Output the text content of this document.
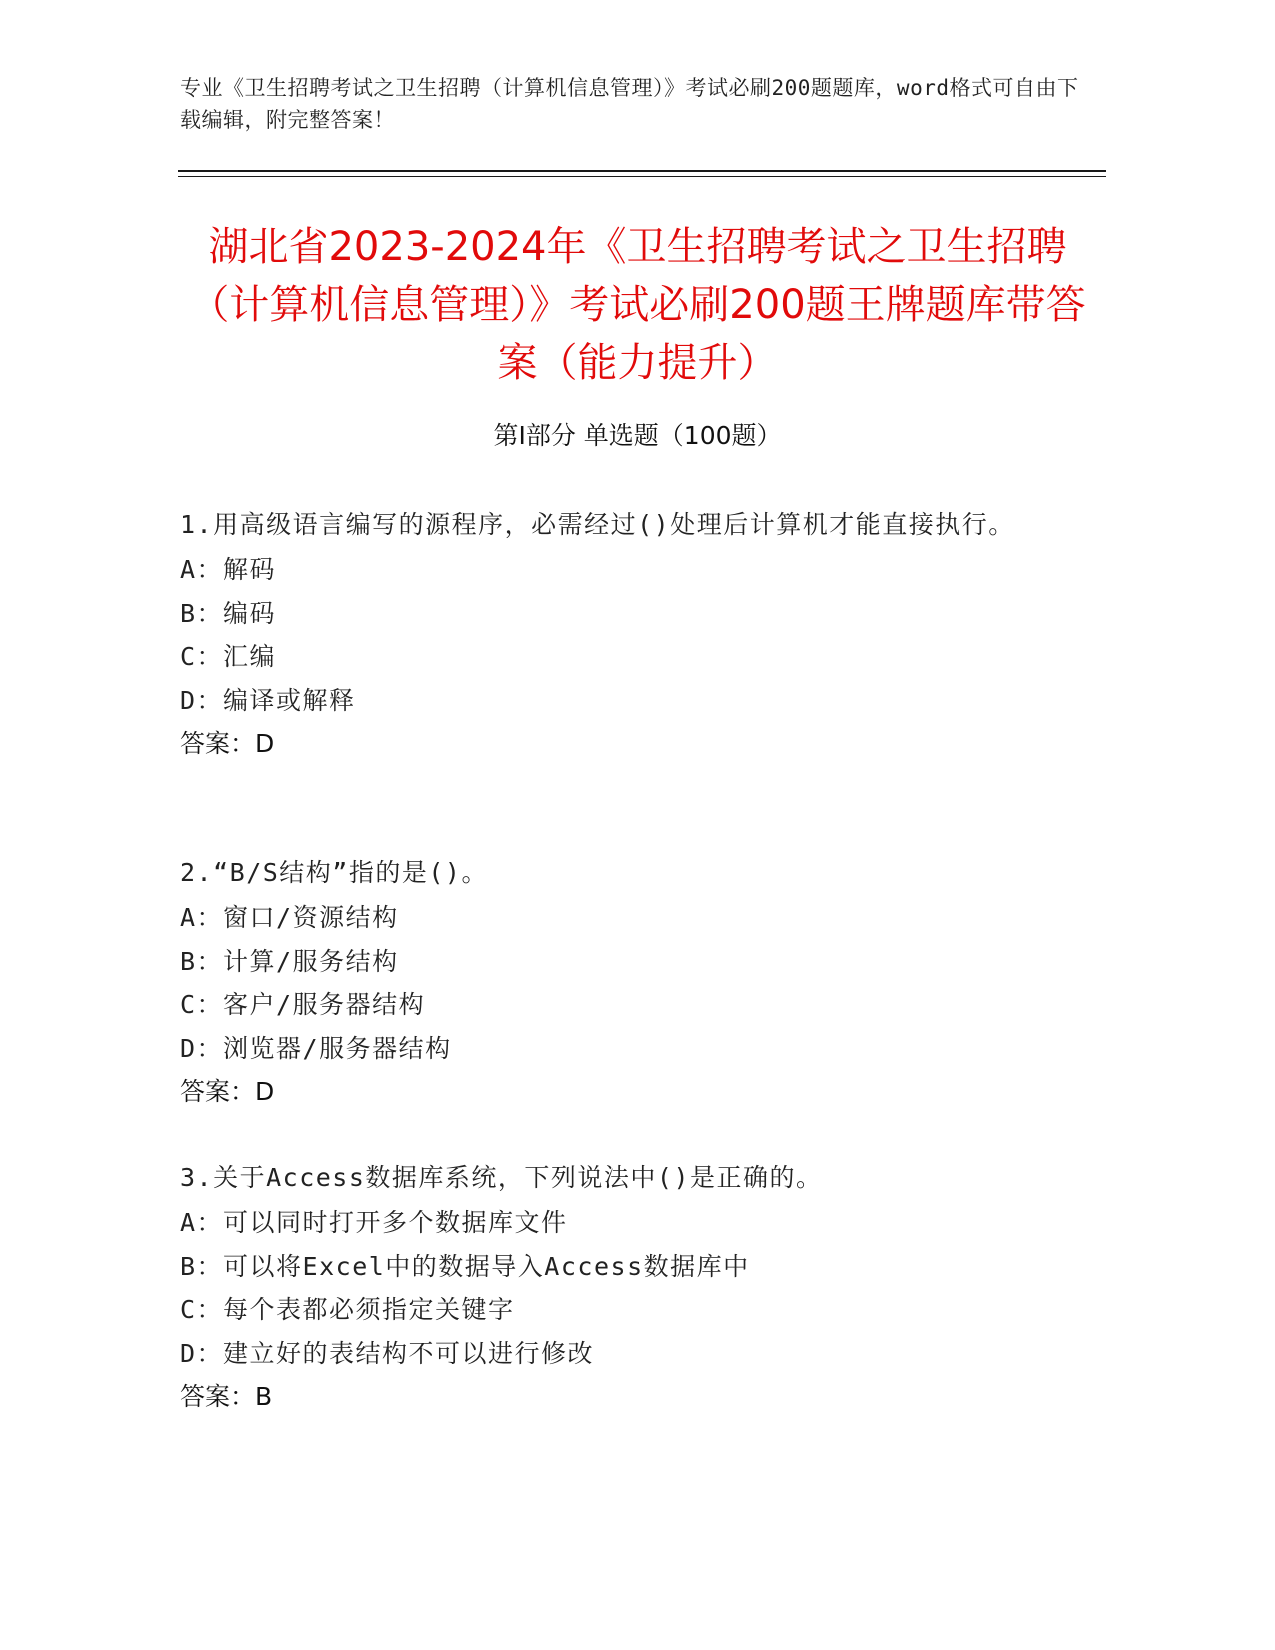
专业《卫生招聘考试之卫生招聘（计算机信息管理）》考试必刷200题题库，word格式可自由下载编辑，附完整答案！
湖北省2023-2024年《卫生招聘考试之卫生招聘（计算机信息管理）》考试必刷200题王牌题库带答案（能力提升）
第Ⅰ部分 单选题（100题）
1.用高级语言编写的源程序，必需经过()处理后计算机才能直接执行。
A：解码
B：编码
C：汇编
D：编译或解释
答案：D
2.“B/S结构”指的是()。
A：窗口/资源结构
B：计算/服务结构
C：客户/服务器结构
D：浏览器/服务器结构
答案：D
3.关于Access数据库系统，下列说法中()是正确的。
A：可以同时打开多个数据库文件
B：可以将Excel中的数据导入Access数据库中
C：每个表都必须指定关键字
D：建立好的表结构不可以进行修改
答案：B
